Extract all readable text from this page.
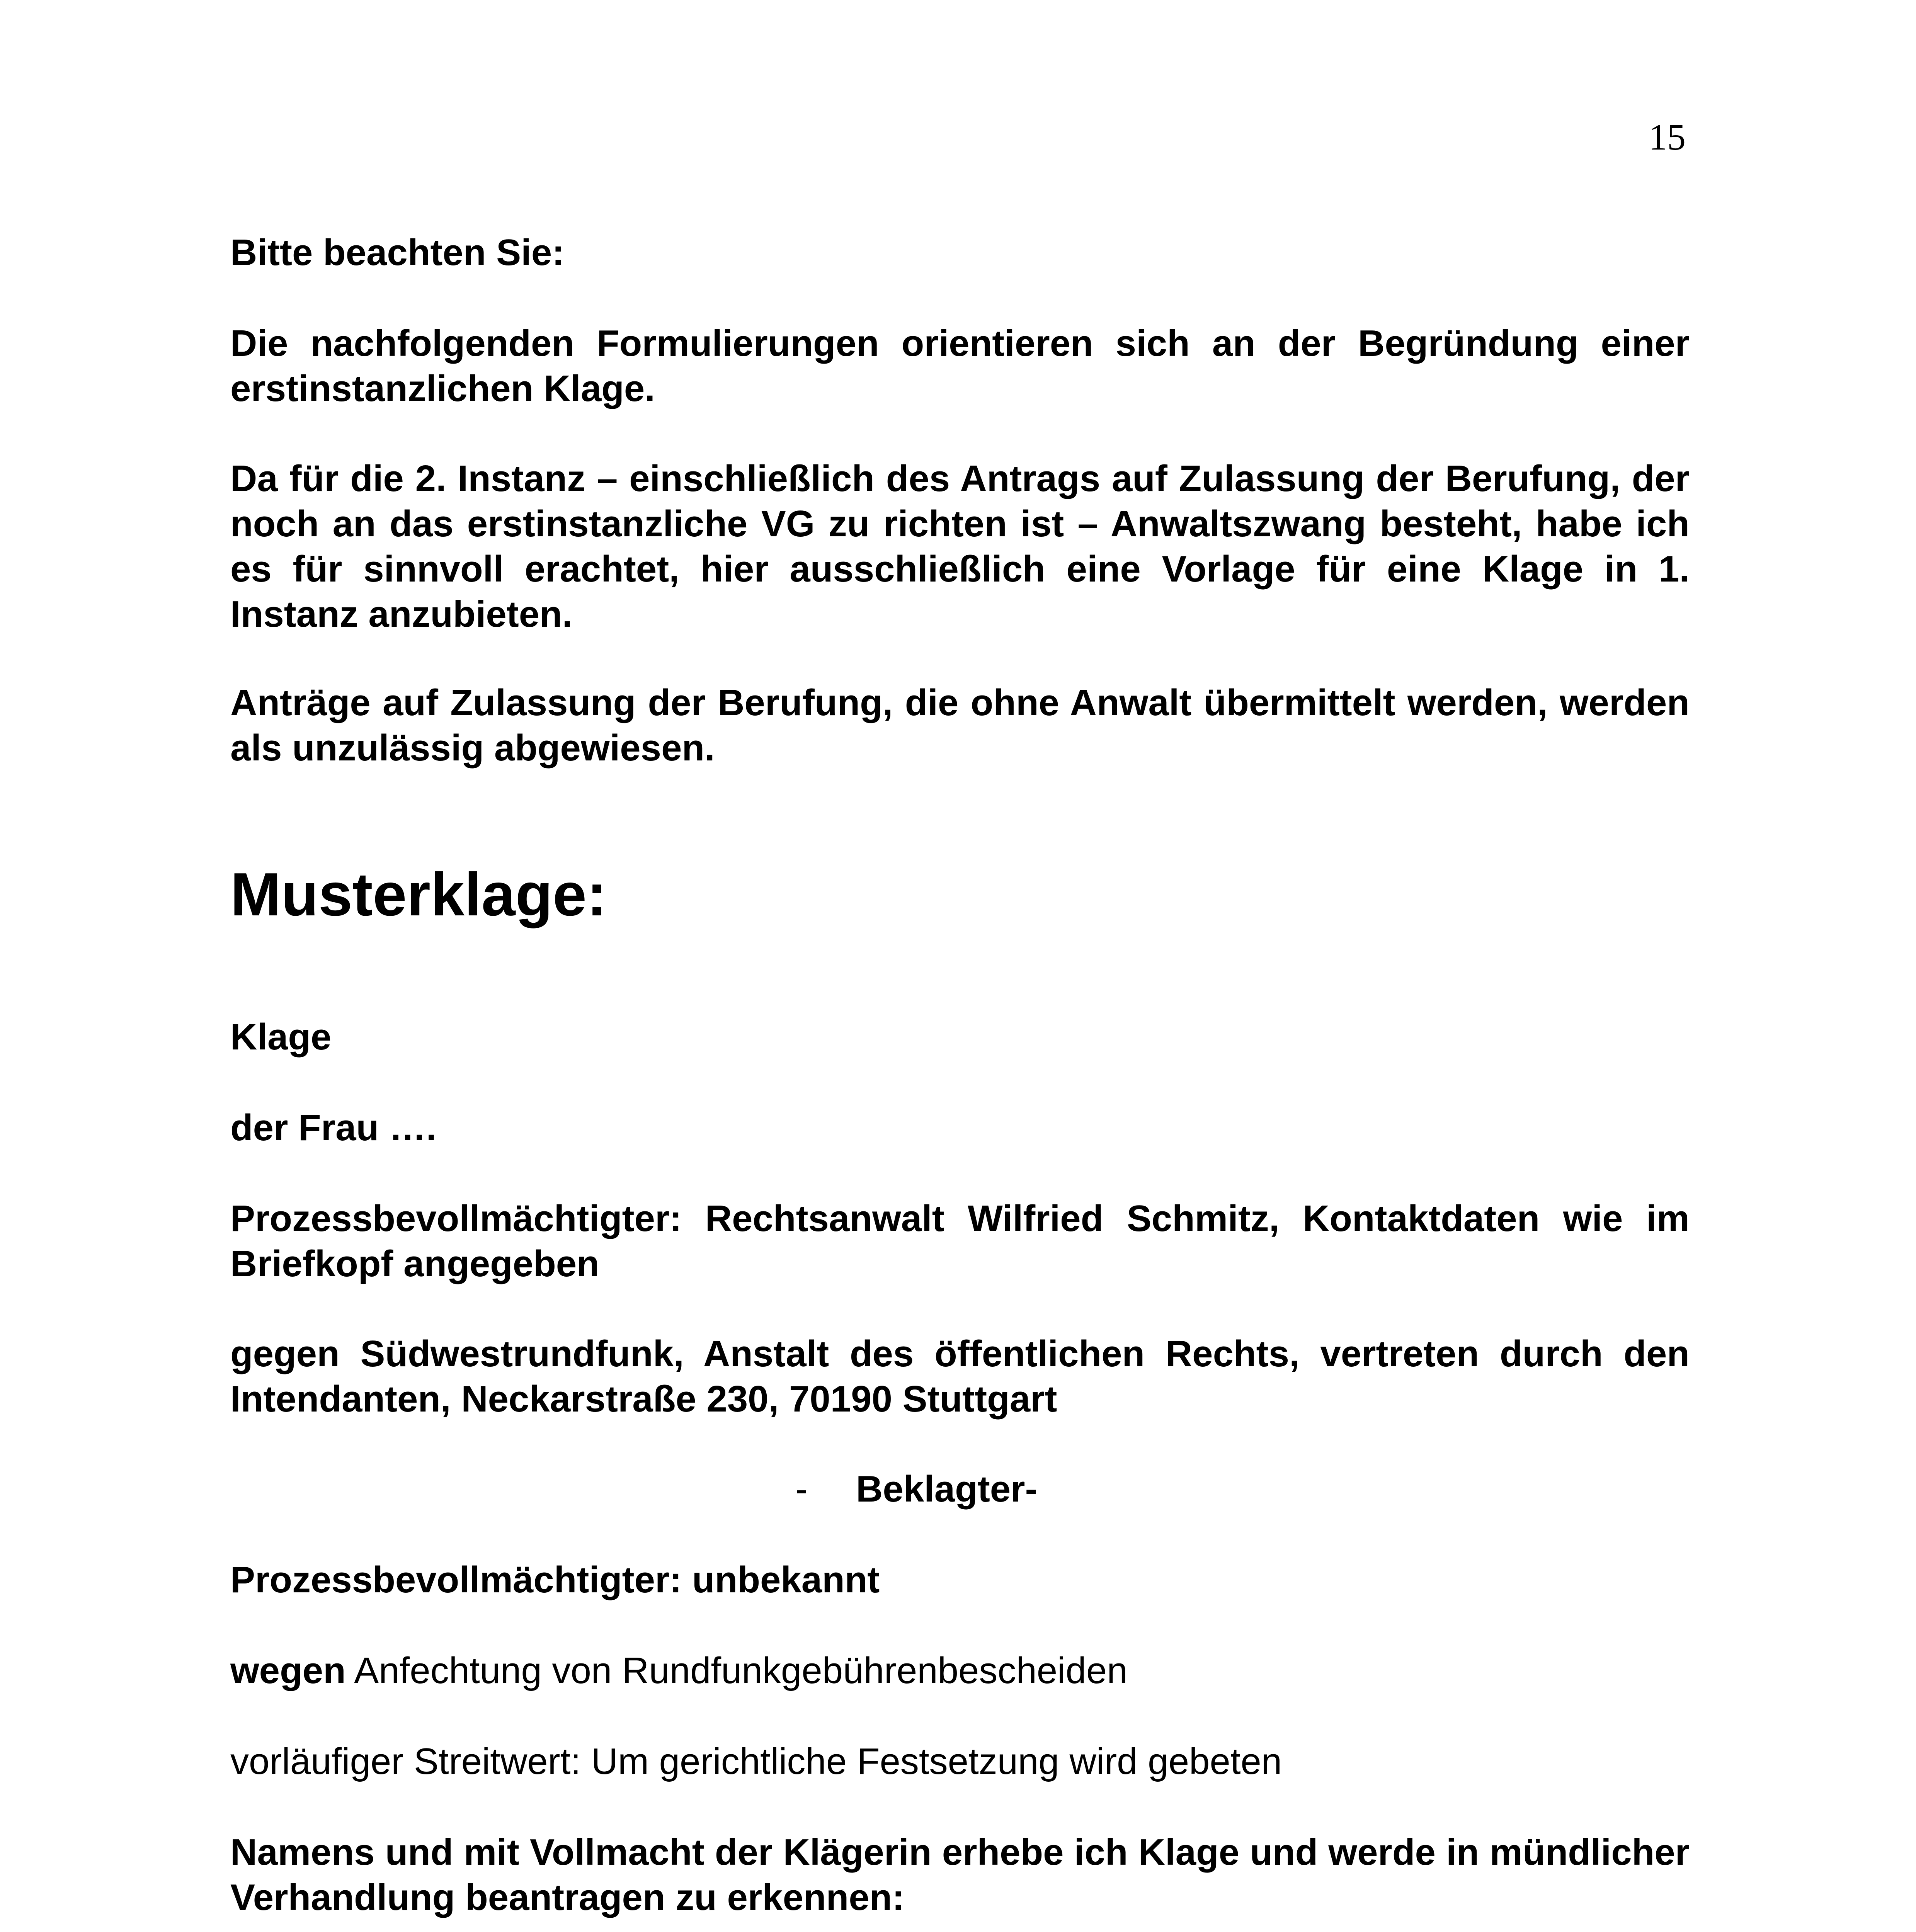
15

Bitte beachten Sie:

Die nachfolgenden Formulierungen orientieren sich an der Begründung einer erstinstanzlichen Klage.

Da für die 2. Instanz – einschließlich des Antrags auf Zulassung der Berufung, der noch an das erstinstanzliche VG zu richten ist – Anwaltszwang besteht, habe ich es für sinnvoll erachtet, hier ausschließlich eine Vorlage für eine Klage in 1. Instanz anzubieten.

Anträge auf Zulassung der Berufung, die ohne Anwalt übermittelt werden, werden als unzulässig abgewiesen.

Musterklage:

Klage

der Frau ….

Prozessbevollmächtigter: Rechtsanwalt Wilfried Schmitz, Kontaktdaten wie im Briefkopf angegeben

gegen Südwestrundfunk, Anstalt des öffentlichen Rechts, vertreten durch den Intendanten, Neckarstraße 230, 70190 Stuttgart

- Beklagter-

Prozessbevollmächtigter: unbekannt

wegen Anfechtung von Rundfunkgebührenbescheiden

vorläufiger Streitwert: Um gerichtliche Festsetzung wird gebeten

Namens und mit Vollmacht der Klägerin erhebe ich Klage und werde in mündlicher Verhandlung beantragen zu erkennen:
